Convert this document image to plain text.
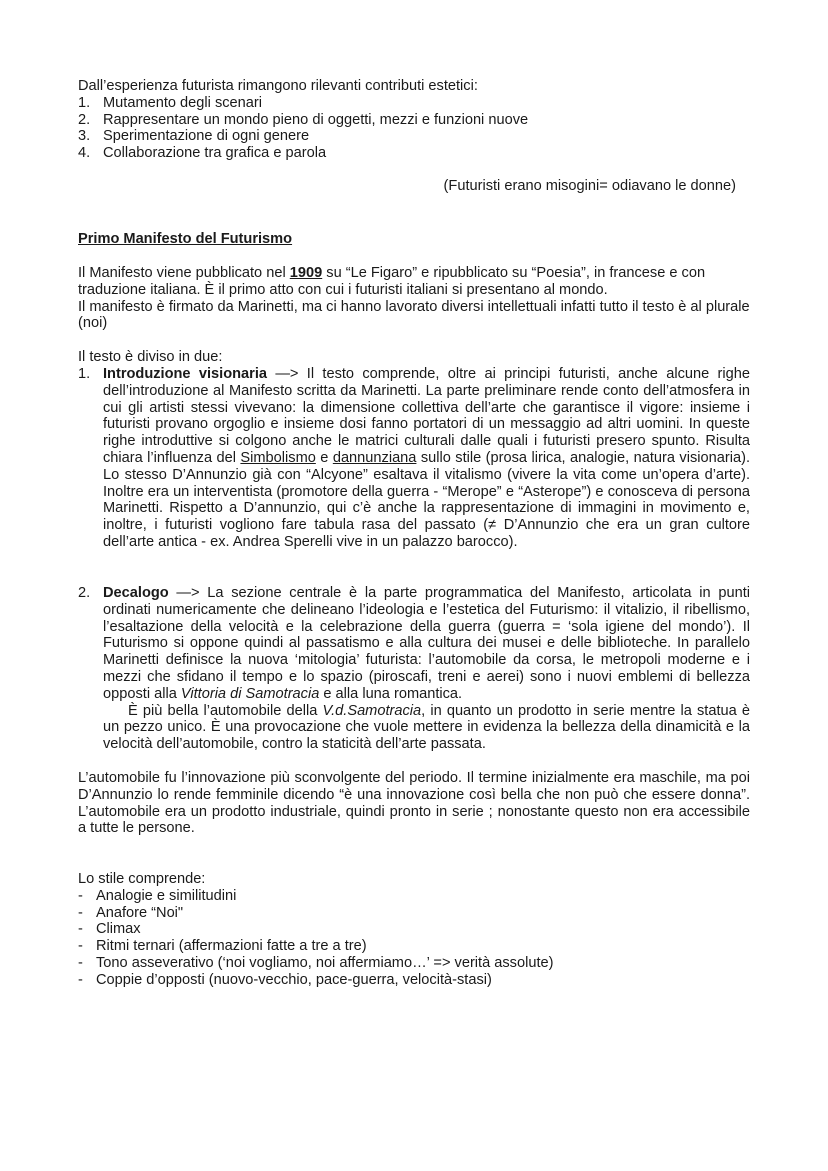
Dall’esperienza futurista rimangono rilevanti contributi estetici:

1. Mutamento degli scenari
2. Rappresentare un mondo pieno di oggetti, mezzi e funzioni nuove
3. Sperimentazione di ogni genere
4. Collaborazione tra grafica e parola

(Futuristi erano misogini= odiavano le donne)

Primo Manifesto del Futurismo

Il Manifesto viene pubblicato nel 1909 su “Le Figaro” e ripubblicato su “Poesia”, in francese e con traduzione italiana. È il primo atto con cui i futuristi italiani si presentano al mondo.

Il manifesto è firmato da Marinetti, ma ci hanno lavorato diversi intellettuali infatti tutto il testo è al plurale (noi)

Il testo è diviso in due:

1. Introduzione visionaria —> Il testo comprende, oltre ai principi futuristi, anche alcune righe dell’introduzione al Manifesto scritta da Marinetti. La parte preliminare rende conto dell’atmosfera in cui gli artisti stessi vivevano: la dimensione collettiva dell’arte che garantisce il vigore: insieme i futuristi provano orgoglio e insieme dosi fanno portatori di un messaggio ad altri uomini. In queste righe introduttive si colgono anche le matrici culturali dalle quali i futuristi presero spunto. Risulta chiara l’influenza del Simbolismo e dannunziana sullo stile (prosa lirica, analogie, natura visionaria). Lo stesso D’Annunzio già con “Alcyone” esaltava il vitalismo (vivere la vita come un’opera d’arte). Inoltre era un interventista (promotore della guerra - “Merope” e “Asterope”) e conosceva di persona Marinetti. Rispetto a D’annunzio, qui c’è anche la rappresentazione di immagini in movimento e, inoltre, i futuristi vogliono fare tabula rasa del passato (≠ D’Annunzio che era un gran cultore dell’arte antica - ex. Andrea Sperelli vive in un palazzo barocco).

2. Decalogo —> La sezione centrale è la parte programmatica del Manifesto, articolata in punti ordinati numericamente che delineano l’ideologia e l’estetica del Futurismo: il vitalizio, il ribellismo, l’esaltazione della velocità e la celebrazione della guerra (guerra = ‘sola igiene del mondo’). Il Futurismo si oppone quindi al passatismo e alla cultura dei musei e delle biblioteche. In parallelo Marinetti definisce la nuova ‘mitologia’ futurista: l’automobile da corsa, le metropoli moderne e i mezzi che sfidano il tempo e lo spazio (piroscafi, treni e aerei) sono i nuovi emblemi di bellezza opposti alla Vittoria di Samotracia e alla luna romantica.

È più bella l’automobile della V.d.Samotracia, in quanto un prodotto in serie mentre la statua è un pezzo unico. È una provocazione che vuole mettere in evidenza la bellezza della dinamicità e la velocità dell’automobile, contro la staticità dell’arte passata.

L’automobile fu l’innovazione più sconvolgente del periodo. Il termine inizialmente era maschile, ma poi D’Annunzio lo rende femminile dicendo “è una innovazione così bella che non può che essere donna”. L’automobile era un prodotto industriale, quindi pronto in serie ; nonostante questo non era accessibile a tutte le persone.

Lo stile comprende:

- Analogie e similitudini
- Anafore “Noi"
- Climax
- Ritmi ternari (affermazioni fatte a tre a tre)
- Tono asseverativo (‘noi vogliamo, noi affermiamo…’ => verità assolute)
- Coppie d’opposti (nuovo-vecchio, pace-guerra, velocità-stasi)
